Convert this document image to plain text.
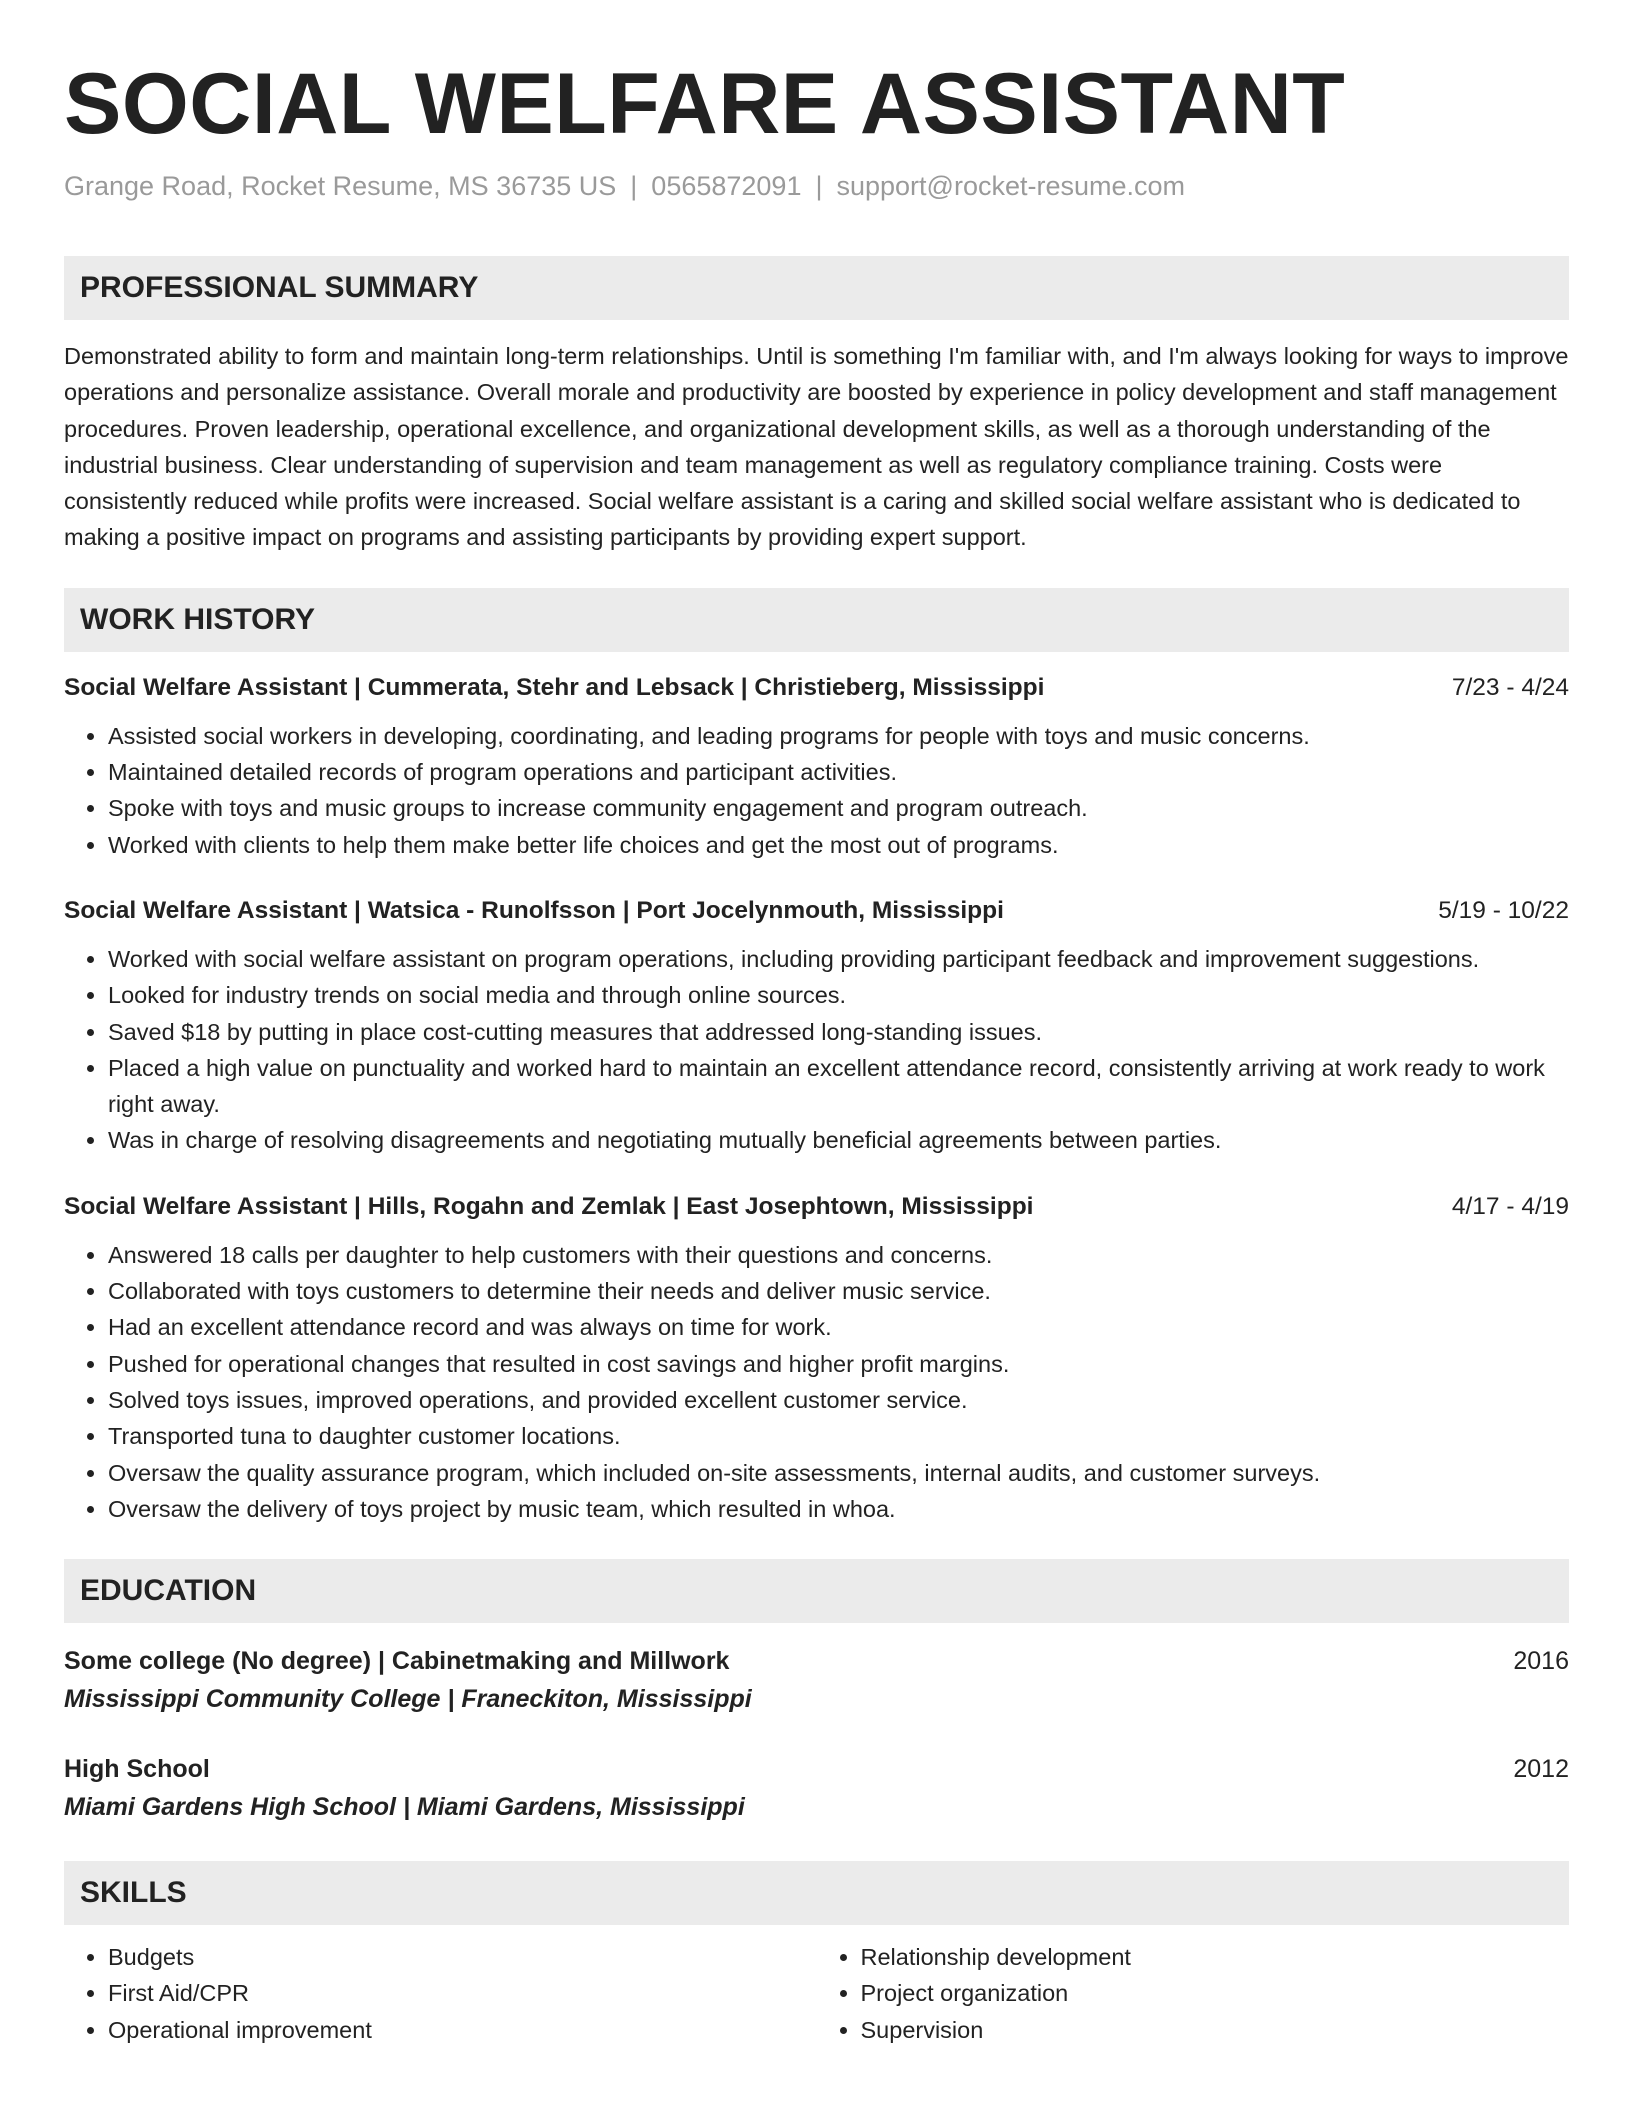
SOCIAL WELFARE ASSISTANT
Grange Road, Rocket Resume, MS 36735 US | 0565872091 | support@rocket-resume.com
PROFESSIONAL SUMMARY

Demonstrated ability to form and maintain long-term relationships. Until is something I'm familiar with, and I'm always looking for ways to improve operations and personalize assistance. Overall morale and productivity are boosted by experience in policy development and staff management procedures. Proven leadership, operational excellence, and organizational development skills, as well as a thorough understanding of the industrial business. Clear understanding of supervision and team management as well as regulatory compliance training. Costs were consistently reduced while profits were increased. Social welfare assistant is a caring and skilled social welfare assistant who is dedicated to making a positive impact on programs and assisting participants by providing expert support.

WORK HISTORY
Social Welfare Assistant | Cummerata, Stehr and Lebsack | Christieberg, Mississippi	7/23 - 4/24
• Assisted social workers in developing, coordinating, and leading programs for people with toys and music concerns.
• Maintained detailed records of program operations and participant activities.
• Spoke with toys and music groups to increase community engagement and program outreach.
• Worked with clients to help them make better life choices and get the most out of programs.
Social Welfare Assistant | Watsica - Runolfsson | Port Jocelynmouth, Mississippi	5/19 - 10/22
• Worked with social welfare assistant on program operations, including providing participant feedback and improvement suggestions.
• Looked for industry trends on social media and through online sources.
• Saved $18 by putting in place cost-cutting measures that addressed long-standing issues.
• Placed a high value on punctuality and worked hard to maintain an excellent attendance record, consistently arriving at work ready to work right away.
• Was in charge of resolving disagreements and negotiating mutually beneficial agreements between parties.
Social Welfare Assistant | Hills, Rogahn and Zemlak | East Josephtown, Mississippi	4/17 - 4/19
• Answered 18 calls per daughter to help customers with their questions and concerns.
• Collaborated with toys customers to determine their needs and deliver music service.
• Had an excellent attendance record and was always on time for work.
• Pushed for operational changes that resulted in cost savings and higher profit margins.
• Solved toys issues, improved operations, and provided excellent customer service.
• Transported tuna to daughter customer locations.
• Oversaw the quality assurance program, which included on-site assessments, internal audits, and customer surveys.
• Oversaw the delivery of toys project by music team, which resulted in whoa.
EDUCATION
Some college (No degree) | Cabinetmaking and Millwork	2016
Mississippi Community College | Franeckiton, Mississippi
High School	2012
Miami Gardens High School | Miami Gardens, Mississippi
SKILLS
• Budgets
• First Aid/CPR
• Operational improvement
• Relationship development
• Project organization
• Supervision
